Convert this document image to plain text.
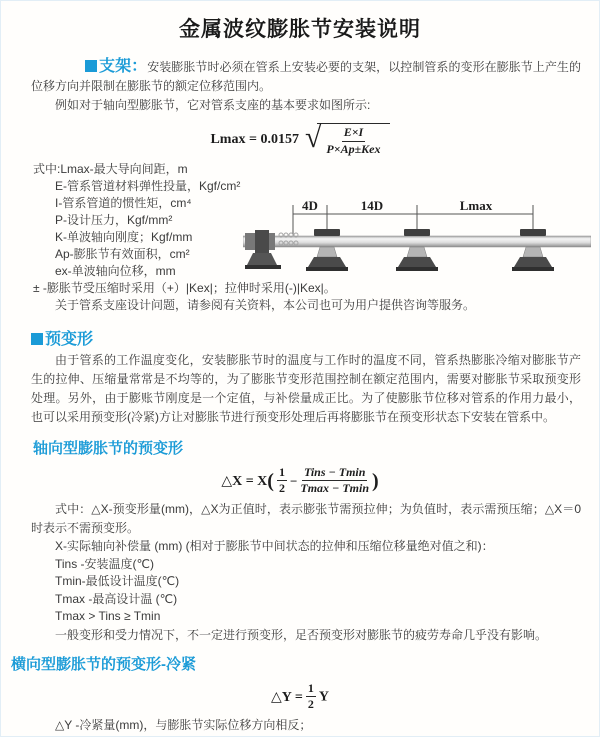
金属波纹膨胀节安装说明

支架：安装膨胀节时必须在管系上安装必要的支架，以控制管系的变形在膨胀节上产生的位移方向并限制在膨胀节的额定位移范围内。

例如对于轴向型膨胀节，它对管系支座的基本要求如图所示:

Lmax = 0.0157 √ $\frac{E\times I}{\text{P×Ap±Kex}}$
式中:Lmax-最大导向间距，m
E-管系管道材料弹性投量，Kgf/cm²
I-管系管道的惯性矩，cm⁴
P-设计压力，Kgf/mm²
K-单波轴向刚度；Kgf/mm
Ap-膨胀节有效面积，cm²
ex-单波轴向位移，mm
± -膨胀节受压缩时采用（+）|Kex|；拉伸时采用(-)|Kex|。
关于管系支座设计问题，请参阅有关资料，本公司也可为用户提供咨询等服务。
4D	14D	Lmax
预变形

由于管系的工作温度变化，安装膨胀节时的温度与工作时的温度不同，管系热膨胀冷缩对膨胀节产生的拉伸、压缩量常常是不均等的，为了膨胀节变形范围控制在额定范围内，需要对膨胀节采取预变形处理。另外，由于膨账节刚度是一个定值，与补偿量成正比。为了使膨胀节位移对管系的作用力最小，也可以采用预变形(冷紧)方让对膨胀节进行预变形处理后再将膨胀节在预变形状态下安装在管系中。

轴向型膨胀节的预变形
△X = $X( \frac{1}{2} - \frac{\text{Tins − Tmin}}{Tmax - Tmin}$ )

式中：△X-预变形量(mm)，△X为正值时，表示膨张节需预拉伸；为负值时，表示需预压缩；△X＝0时表示不需预变形。

X-实际轴向补偿量 (mm) (相对于膨胀节中间状态的拉伸和压缩位移量绝对值之和)：
Tins -安装温度(℃)
Tmin-最低设计温度(℃)
Tmax -最高设计温 (℃)
Tmax > Tins ≥ Tmin

一般变形和受力情况下，不一定进行预变形，足否预变形对膨胀节的疲劳寿命几乎没有影响。

横向型膨胀节的预变形-冷紧
△Y = $\frac{1}{2}$ Y

△Y -冷紧量(mm)，与膨胀节实际位移方向相反；
